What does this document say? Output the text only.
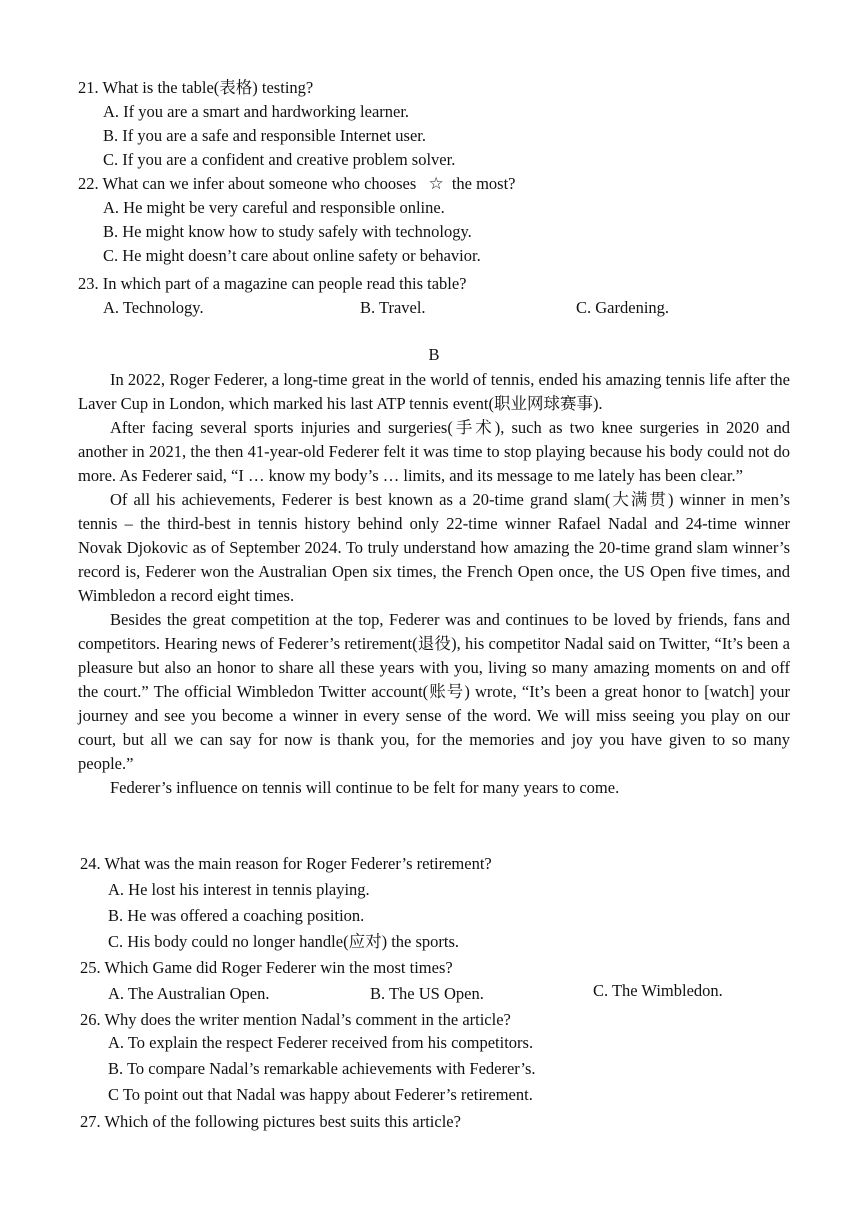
21. What is the table(表格) testing?
A. If you are a smart and hardworking learner.
B. If you are a safe and responsible Internet user.
C. If you are a confident and creative problem solver.
22. What can we infer about someone who chooses ☆ the most?
A. He might be very careful and responsible online.
B. He might know how to study safely with technology.
C. He might doesn’t care about online safety or behavior.
23. In which part of a magazine can people read this table?
A. Technology.	B. Travel.	C. Gardening.
B

In 2022, Roger Federer, a long-time great in the world of tennis, ended his amazing tennis life after the Laver Cup in London, which marked his last ATP tennis event(职业网球赛事).

After facing several sports injuries and surgeries(手术), such as two knee surgeries in 2020 and another in 2021, the then 41-year-old Federer felt it was time to stop playing because his body could not do more. As Federer said, “I … know my body’s … limits, and its message to me lately has been clear.”

Of all his achievements, Federer is best known as a 20-time grand slam(大满贯) winner in men’s tennis – the third-best in tennis history behind only 22-time winner Rafael Nadal and 24-time winner Novak Djokovic as of September 2024. To truly understand how amazing the 20-time grand slam winner’s record is, Federer won the Australian Open six times, the French Open once, the US Open five times, and Wimbledon a record eight times.

Besides the great competition at the top, Federer was and continues to be loved by friends, fans and competitors. Hearing news of Federer’s retirement(退役), his competitor Nadal said on Twitter, “It’s been a pleasure but also an honor to share all these years with you, living so many amazing moments on and off the court.” The official Wimbledon Twitter account(账号) wrote, “It’s been a great honor to [watch] your journey and see you become a winner in every sense of the word. We will miss seeing you play on our court, but all we can say for now is thank you, for the memories and joy you have given to so many people.”

Federer’s influence on tennis will continue to be felt for many years to come.

24. What was the main reason for Roger Federer’s retirement?
A. He lost his interest in tennis playing.
B. He was offered a coaching position.
C. His body could no longer handle(应对) the sports.
25. Which Game did Roger Federer win the most times?
A. The Australian Open.	B. The US Open.	C. The Wimbledon.
26. Why does the writer mention Nadal’s comment in the article?
A. To explain the respect Federer received from his competitors.
B. To compare Nadal’s remarkable achievements with Federer’s.
C To point out that Nadal was happy about Federer’s retirement.
27. Which of the following pictures best suits this article?
